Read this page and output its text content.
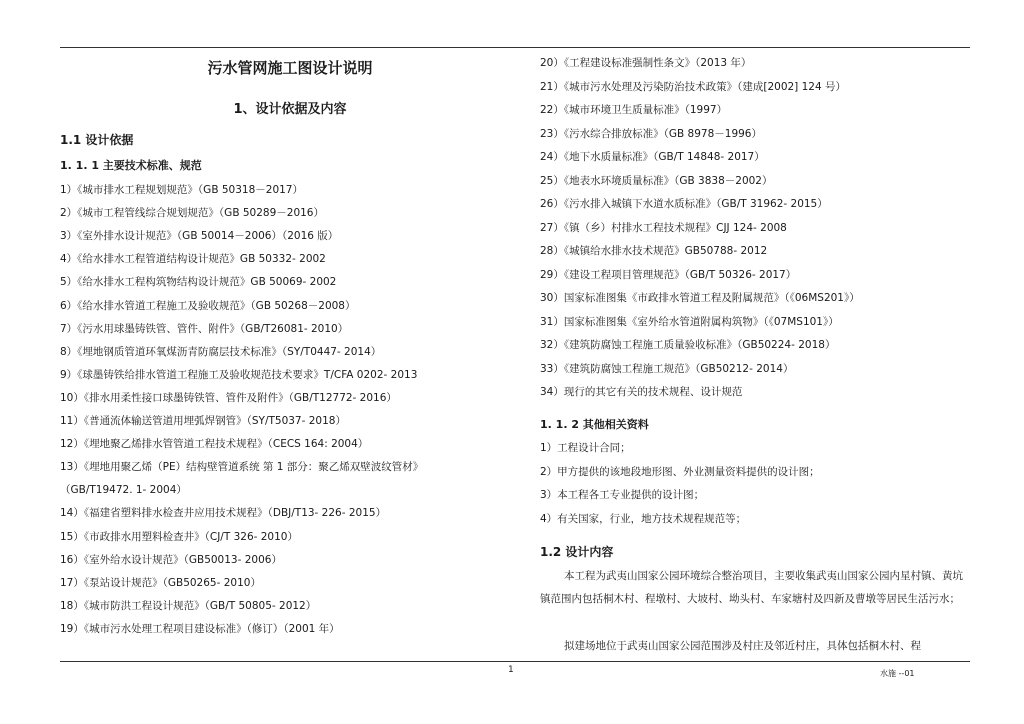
污水管网施工图设计说明
1、设计依据及内容
1.1 设计依据
1. 1. 1 主要技术标准、规范
1）《城市排水工程规划规范》（GB 50318－2017）
2）《城市工程管线综合规划规范》（GB 50289－2016）
3）《室外排水设计规范》（GB 50014－2006）（2016 版）
4）《给水排水工程管道结构设计规范》GB 50332- 2002
5）《给水排水工程构筑物结构设计规范》GB 50069- 2002
6）《给水排水管道工程施工及验收规范》（GB 50268－2008）
7）《污水用球墨铸铁管、管件、附件》（GB/T26081- 2010）
8）《埋地钢质管道环氧煤沥青防腐层技术标准》（SY/T0447- 2014）
9）《球墨铸铁给排水管道工程施工及验收规范技术要求》T/CFA 0202- 2013
10）《排水用柔性接口球墨铸铁管、管件及附件》（GB/T12772- 2016）
11）《普通流体输送管道用埋弧焊钢管》（SY/T5037- 2018）
12）《埋地聚乙烯排水管管道工程技术规程》（CECS 164: 2004）
13）《埋地用聚乙烯（PE）结构壁管道系统 第 1 部分：聚乙烯双壁波纹管材》
（GB/T19472. 1- 2004）
14）《福建省塑料排水检查井应用技术规程》（DBJ/T13- 226- 2015）
15）《市政排水用塑料检查井》（CJ/T 326- 2010）
16）《室外给水设计规范》（GB50013- 2006）
17）《泵站设计规范》（GB50265- 2010）
18）《城市防洪工程设计规范》（GB/T 50805- 2012）
19）《城市污水处理工程项目建设标准》（修订）（2001 年）
20）《工程建设标准强制性条文》（2013 年）
21）《城市污水处理及污染防治技术政策》（建成[2002] 124 号）
22）《城市环境卫生质量标准》（1997）
23）《污水综合排放标准》（GB 8978－1996）
24）《地下水质量标准》（GB/T 14848- 2017）
25）《地表水环境质量标准》（GB 3838－2002）
26）《污水排入城镇下水道水质标准》（GB/T 31962- 2015）
27）《镇（乡）村排水工程技术规程》CJJ 124- 2008
28）《城镇给水排水技术规范》GB50788- 2012
29）《建设工程项目管理规范》（GB/T 50326- 2017）
30）国家标准图集《市政排水管道工程及附属规范》（《06MS201》）
31）国家标准图集《室外给水管道附属构筑物》（《07MS101》）
32）《建筑防腐蚀工程施工质量验收标准》（GB50224- 2018）
33）《建筑防腐蚀工程施工规范》（GB50212- 2014）
34）现行的其它有关的技术规程、设计规范
1. 1. 2 其他相关资料
1）工程设计合同；
2）甲方提供的该地段地形图、外业测量资料提供的设计图；
3）本工程各工专业提供的设计图；
4）有关国家，行业，地方技术规程规范等；
1.2 设计内容
本工程为武夷山国家公园环境综合整治项目，主要收集武夷山国家公园内星村镇、黄坑镇范围内包括桐木村、程墩村、大坡村、坳头村、车家塘村及四新及曹墩等居民生活污水；
拟建场地位于武夷山国家公园范围涉及村庄及邻近村庄，具体包括桐木村、程
1	水施 --01
